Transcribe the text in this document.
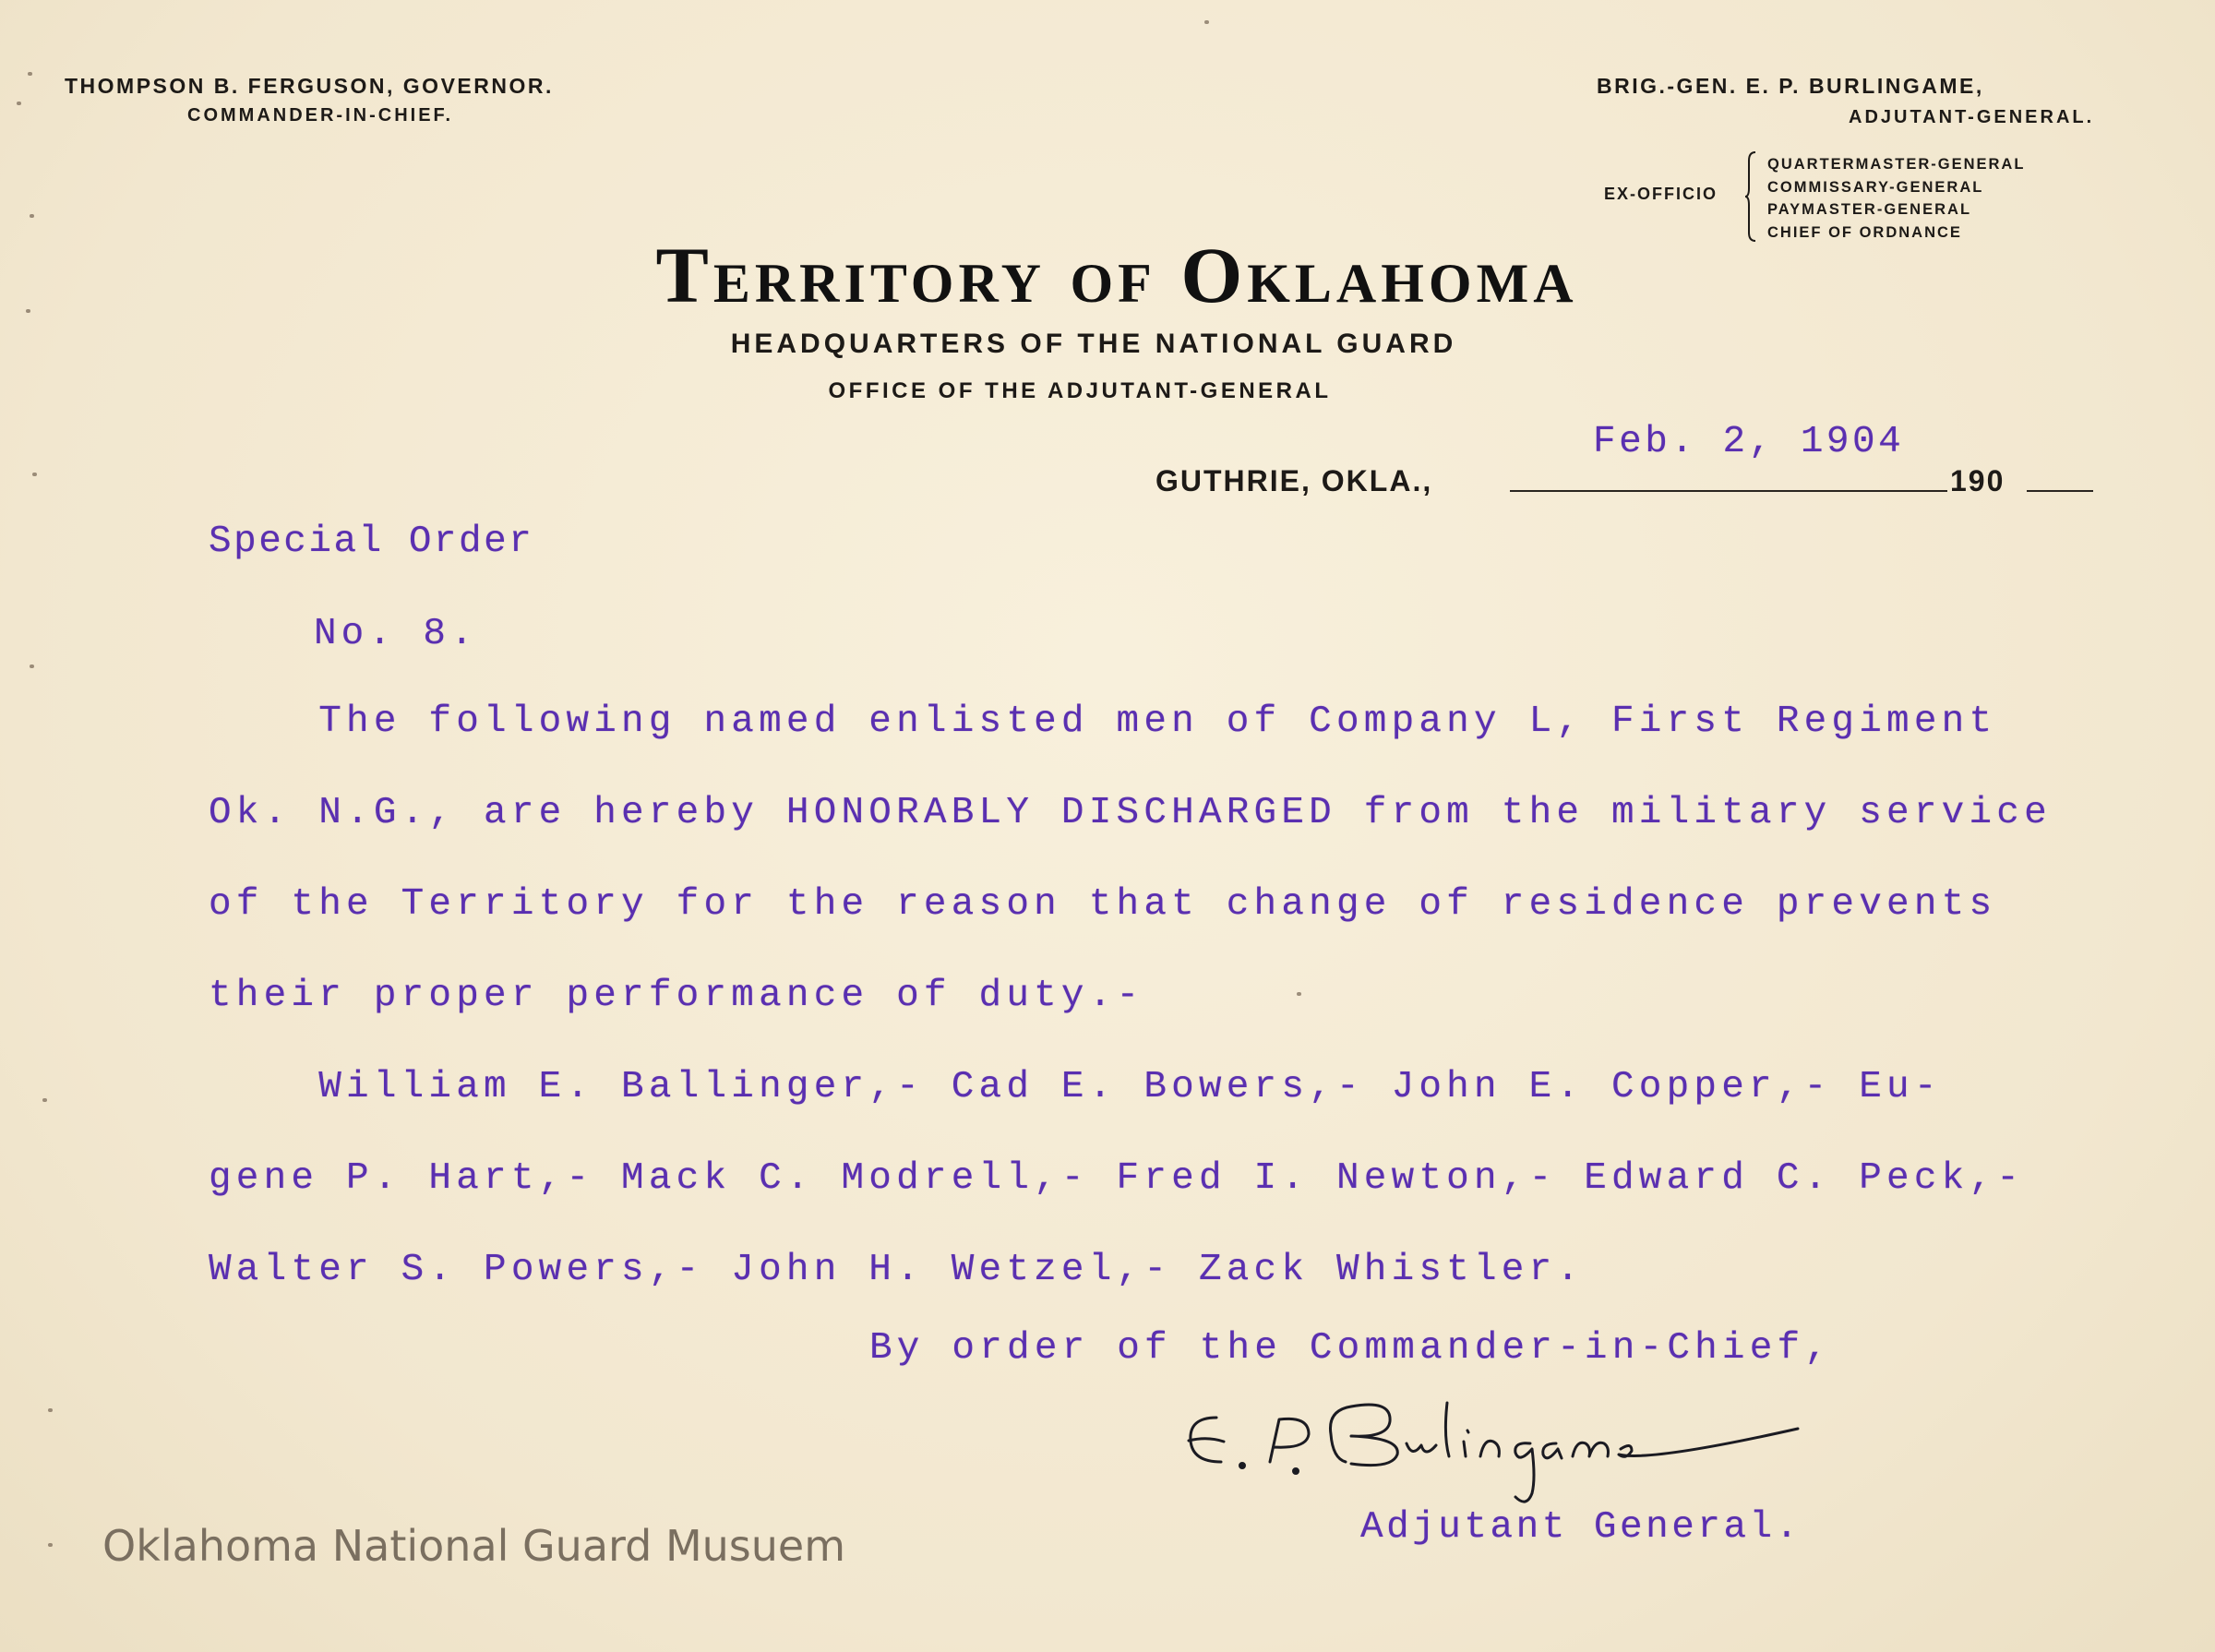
THOMPSON B. FERGUSON, GOVERNOR.
COMMANDER-IN-CHIEF.
BRIG.-GEN. E. P. BURLINGAME,
ADJUTANT-GENERAL.
EX-OFFICIO
QUARTERMASTER-GENERAL
COMMISSARY-GENERAL
PAYMASTER-GENERAL
CHIEF OF ORDNANCE
Territory of Oklahoma
HEADQUARTERS OF THE NATIONAL GUARD
OFFICE OF THE ADJUTANT-GENERAL
GUTHRIE, OKLA.,	190
Feb. 2, 1904
Special Order
No. 8.
The following named enlisted men of Company L, First Regiment
Ok. N.G., are hereby HONORABLY DISCHARGED from the military service
of the Territory for the reason that change of residence prevents
their proper performance of duty.-
William E. Ballinger,- Cad E. Bowers,- John E. Copper,- Eu-
gene P. Hart,- Mack C. Modrell,- Fred I. Newton,- Edward C. Peck,-
Walter S. Powers,- John H. Wetzel,- Zack Whistler.
By order of the Commander-in-Chief,
Adjutant General.
Oklahoma National Guard Musuem
